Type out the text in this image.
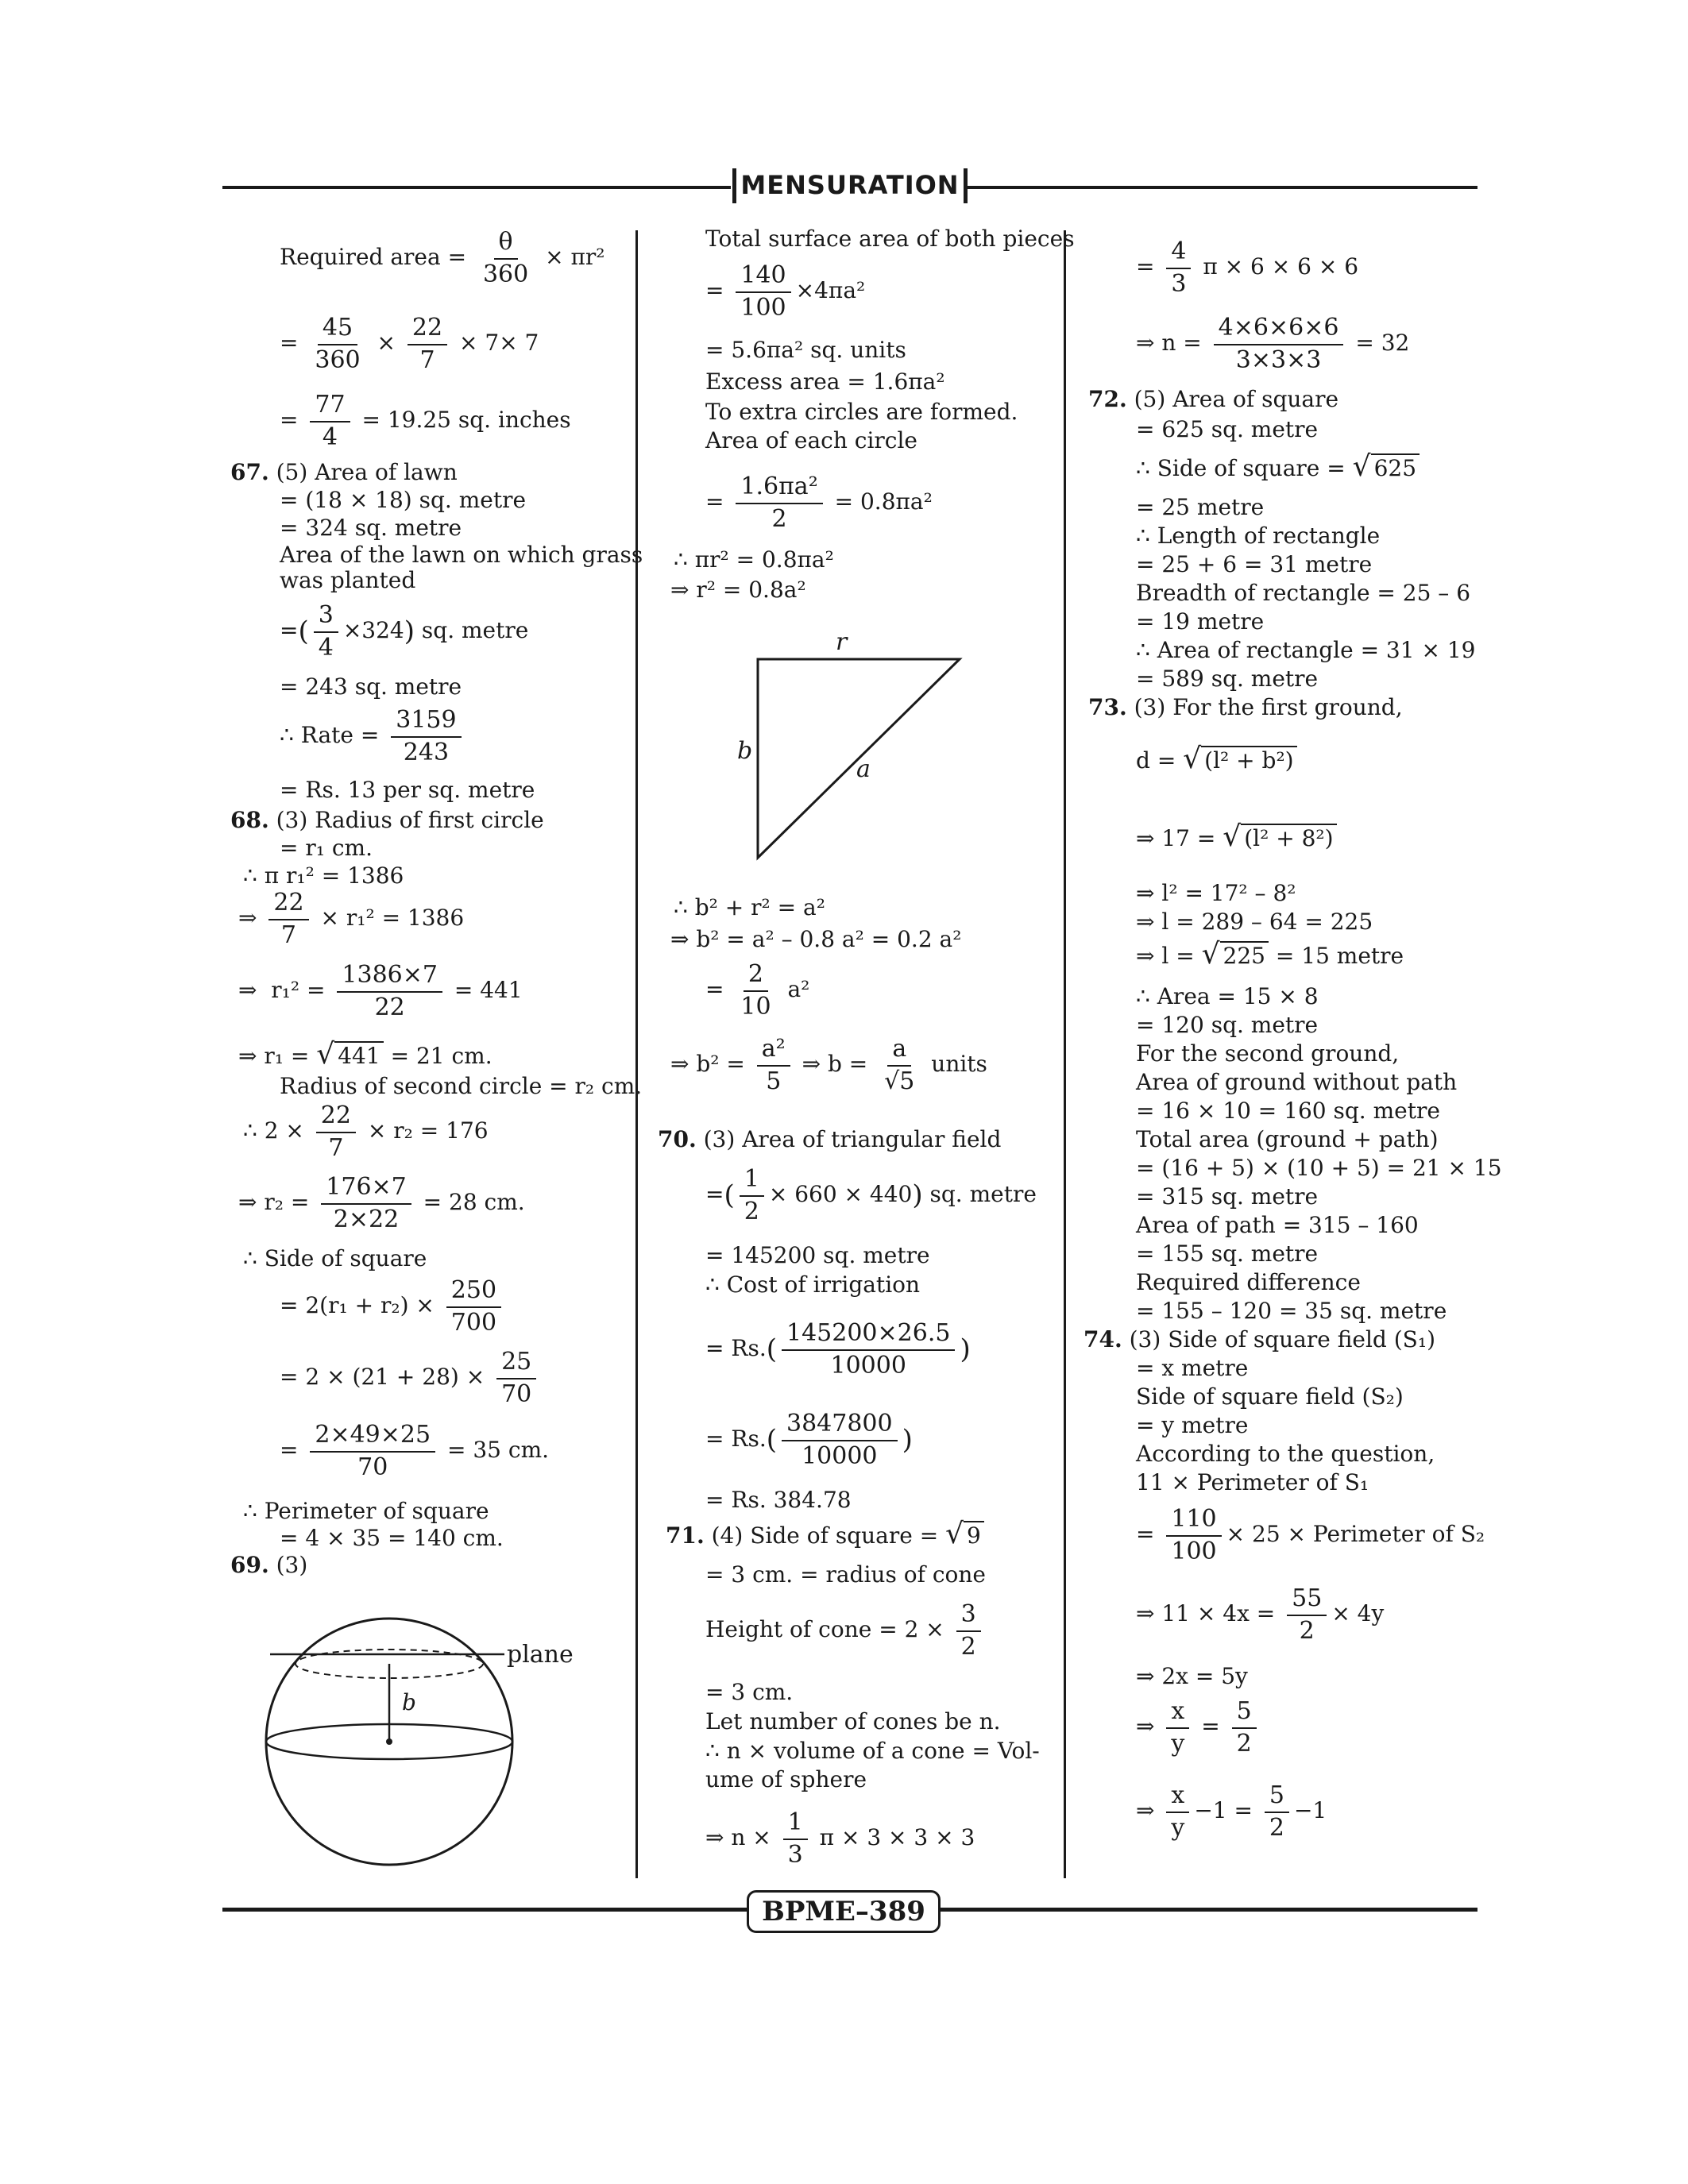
MENSURATION
Required area = $\frac{\theta}{360} \times \pi r^2$
= $\frac{45}{360} \times \frac{22}{7} \times 7\times 7$
= $\frac{77}{4} = 19.25$ sq. inches
67. (5) Area of lawn
= (18 × 18) sq. metre
= 324 sq. metre
Area of the lawn on which grass
was planted
=( $\frac{3}{4} \times 324$) sq. metre
= 243 sq. metre
∴ Rate = $\frac{3159}{243}$
= Rs. 13 per sq. metre
68. (3) Radius of first circle
= r₁ cm.
∴ π r₁² = 1386
⇒ $\frac{22}{7} \times r_1^2 = 1386$
⇒ $r_1^2 = \frac{1386\times 7}{22} = 441$
⇒ r₁ = √ 441 = 21 cm.
Radius of second circle = r₂ cm.
∴ $2 \times \frac{22}{7} \times r_2 = 176$
⇒ $r_2 = \frac{176\times 7}{2\times 22} = 28$ cm.
∴ Side of square
= $2(r_1 + r_2) \times \frac{250}{700}$
= $2 \times (21 + 28) \times \frac{25}{70}$
= $\frac{2\times 49\times 25}{70} = 35$ cm.
∴ Perimeter of square
= 4 × 35 = 140 cm.
69. (3)
plane
b
Total surface area of both pieces
= $\frac{140}{100} \times 4\pi a^2$
= 5.6πa² sq. units
Excess area = 1.6πa²
To extra circles are formed.
Area of each circle
= $\frac{\text{1.6πa²}}{2} = 0.8\pi a^2$
∴ πr² = 0.8πa²
⇒ r² = 0.8a²
∴ b² + r² = a²
⇒ b² = a² – 0.8 a² = 0.2 a²
= $\frac{2}{10} a^2$
⇒ $b^2 = \frac{\text{a²}}{5}$ ⇒ $b = \frac{a}{√5}$ units
70. (3) Area of triangular field
=( $\frac{1}{2} \times 660 \times 440$) sq. metre
= 145200 sq. metre
∴ Cost of irrigation
= $Rs.( \frac{145200\times 26.5}{10000}$ )
= $Rs.( \frac{3847800}{10000}$ )
= Rs. 384.78
71. (4) Side of square = √ 9
= 3 cm. = radius of cone
Height of cone = $2 \times \frac{3}{2}$
= 3 cm.
Let number of cones be n.
∴ n × volume of a cone = Vol-
ume of sphere
⇒ $n \times \frac{1}{3}$ π × 3 × 3 × 3
r
b
a
= $\frac{4}{3}$ π × 6 × 6 × 6
⇒ $n = \frac{4\times 6\times 6\times 6}{3\times 3\times 3} = 32$
72. (5) Area of square
= 625 sq. metre
∴ Side of square = √ 625
= 25 metre
∴ Length of rectangle
= 25 + 6 = 31 metre
Breadth of rectangle = 25 – 6
= 19 metre
∴ Area of rectangle = 31 × 19
= 589 sq. metre
73. (3) For the first ground,
d = √ (l² + b²)
⇒ 17 = √ (l² + 8²)
⇒ l² = 17² – 8²
⇒ l = 289 – 64 = 225
⇒ l = √ 225 = 15 metre
∴ Area = 15 × 8
= 120 sq. metre
For the second ground,
Area of ground without path
= 16 × 10 = 160 sq. metre
Total area (ground + path)
= (16 + 5) × (10 + 5) = 21 × 15
= 315 sq. metre
Area of path = 315 – 160
= 155 sq. metre
Required difference
= 155 – 120 = 35 sq. metre
74. (3) Side of square field (S₁)
= x metre
Side of square field (S₂)
= y metre
According to the question,
11 × Perimeter of S₁
= $\frac{110}{100} \times 25$ × Perimeter of S₂
⇒ $11 \times 4x = \frac{55}{2} \times 4y$
⇒ 2x = 5y
⇒ $\frac{x}{y} = \frac{5}{2}$
⇒ $\frac{x}{y} -1 = \frac{5}{2} -1$
BPME–389
